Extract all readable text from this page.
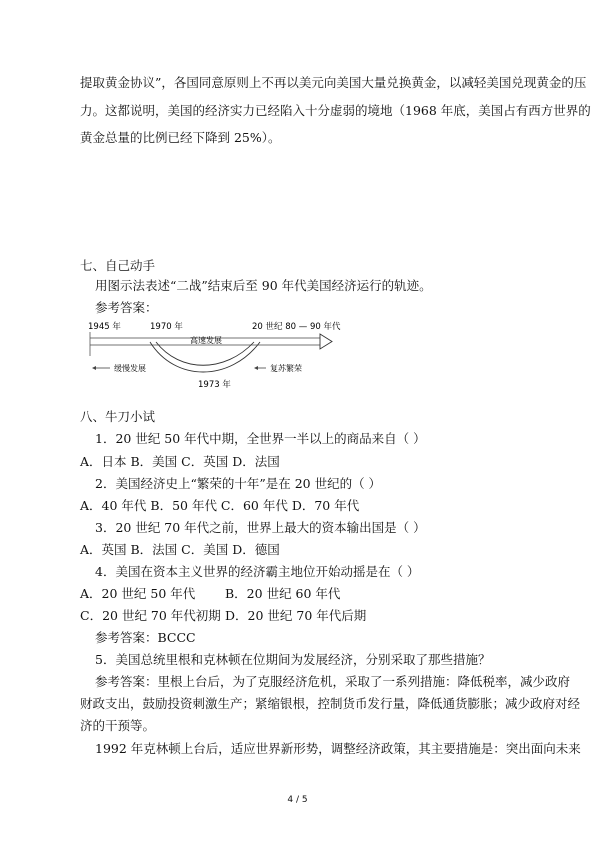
提取黄金协议”，各国同意原则上不再以美元向美国大量兑换黄金，以减轻美国兑现黄金的压
力。这都说明，美国的经济实力已经陷入十分虚弱的境地（1968 年底，美国占有西方世界的
黄金总量的比例已经下降到 25%）。
七、自己动手
用图示法表述“二战”结束后至 90 年代美国经济运行的轨迹。
参考答案：
1945 年	1970 年	20 世纪 80 — 90 年代
高速发展
缓慢发展	复苏繁荣
1973 年
八、牛刀小试
1．20 世纪 50 年代中期，全世界一半以上的商品来自（ ）
A．日本 B．美国 C．英国 D．法国
2．美国经济史上“繁荣的十年”是在 20 世纪的（ ）
A．40 年代 B．50 年代 C．60 年代 D．70 年代
3．20 世纪 70 年代之前，世界上最大的资本输出国是（ ）
A．英国 B．法国 C．美国 D．德国
4．美国在资本主义世界的经济霸主地位开始动摇是在（ ）
A．20 世纪 50 年代 B．20 世纪 60 年代
C．20 世纪 70 年代初期 D．20 世纪 70 年代后期
参考答案：BCCC
5．美国总统里根和克林顿在位期间为发展经济，分别采取了那些措施？
参考答案：里根上台后，为了克服经济危机，采取了一系列措施：降低税率，减少政府
财政支出，鼓励投资刺激生产；紧缩银根，控制货币发行量，降低通货膨胀；减少政府对经
济的干预等。
1992 年克林顿上台后，适应世界新形势，调整经济政策，其主要措施是：突出面向未来
4 / 5
